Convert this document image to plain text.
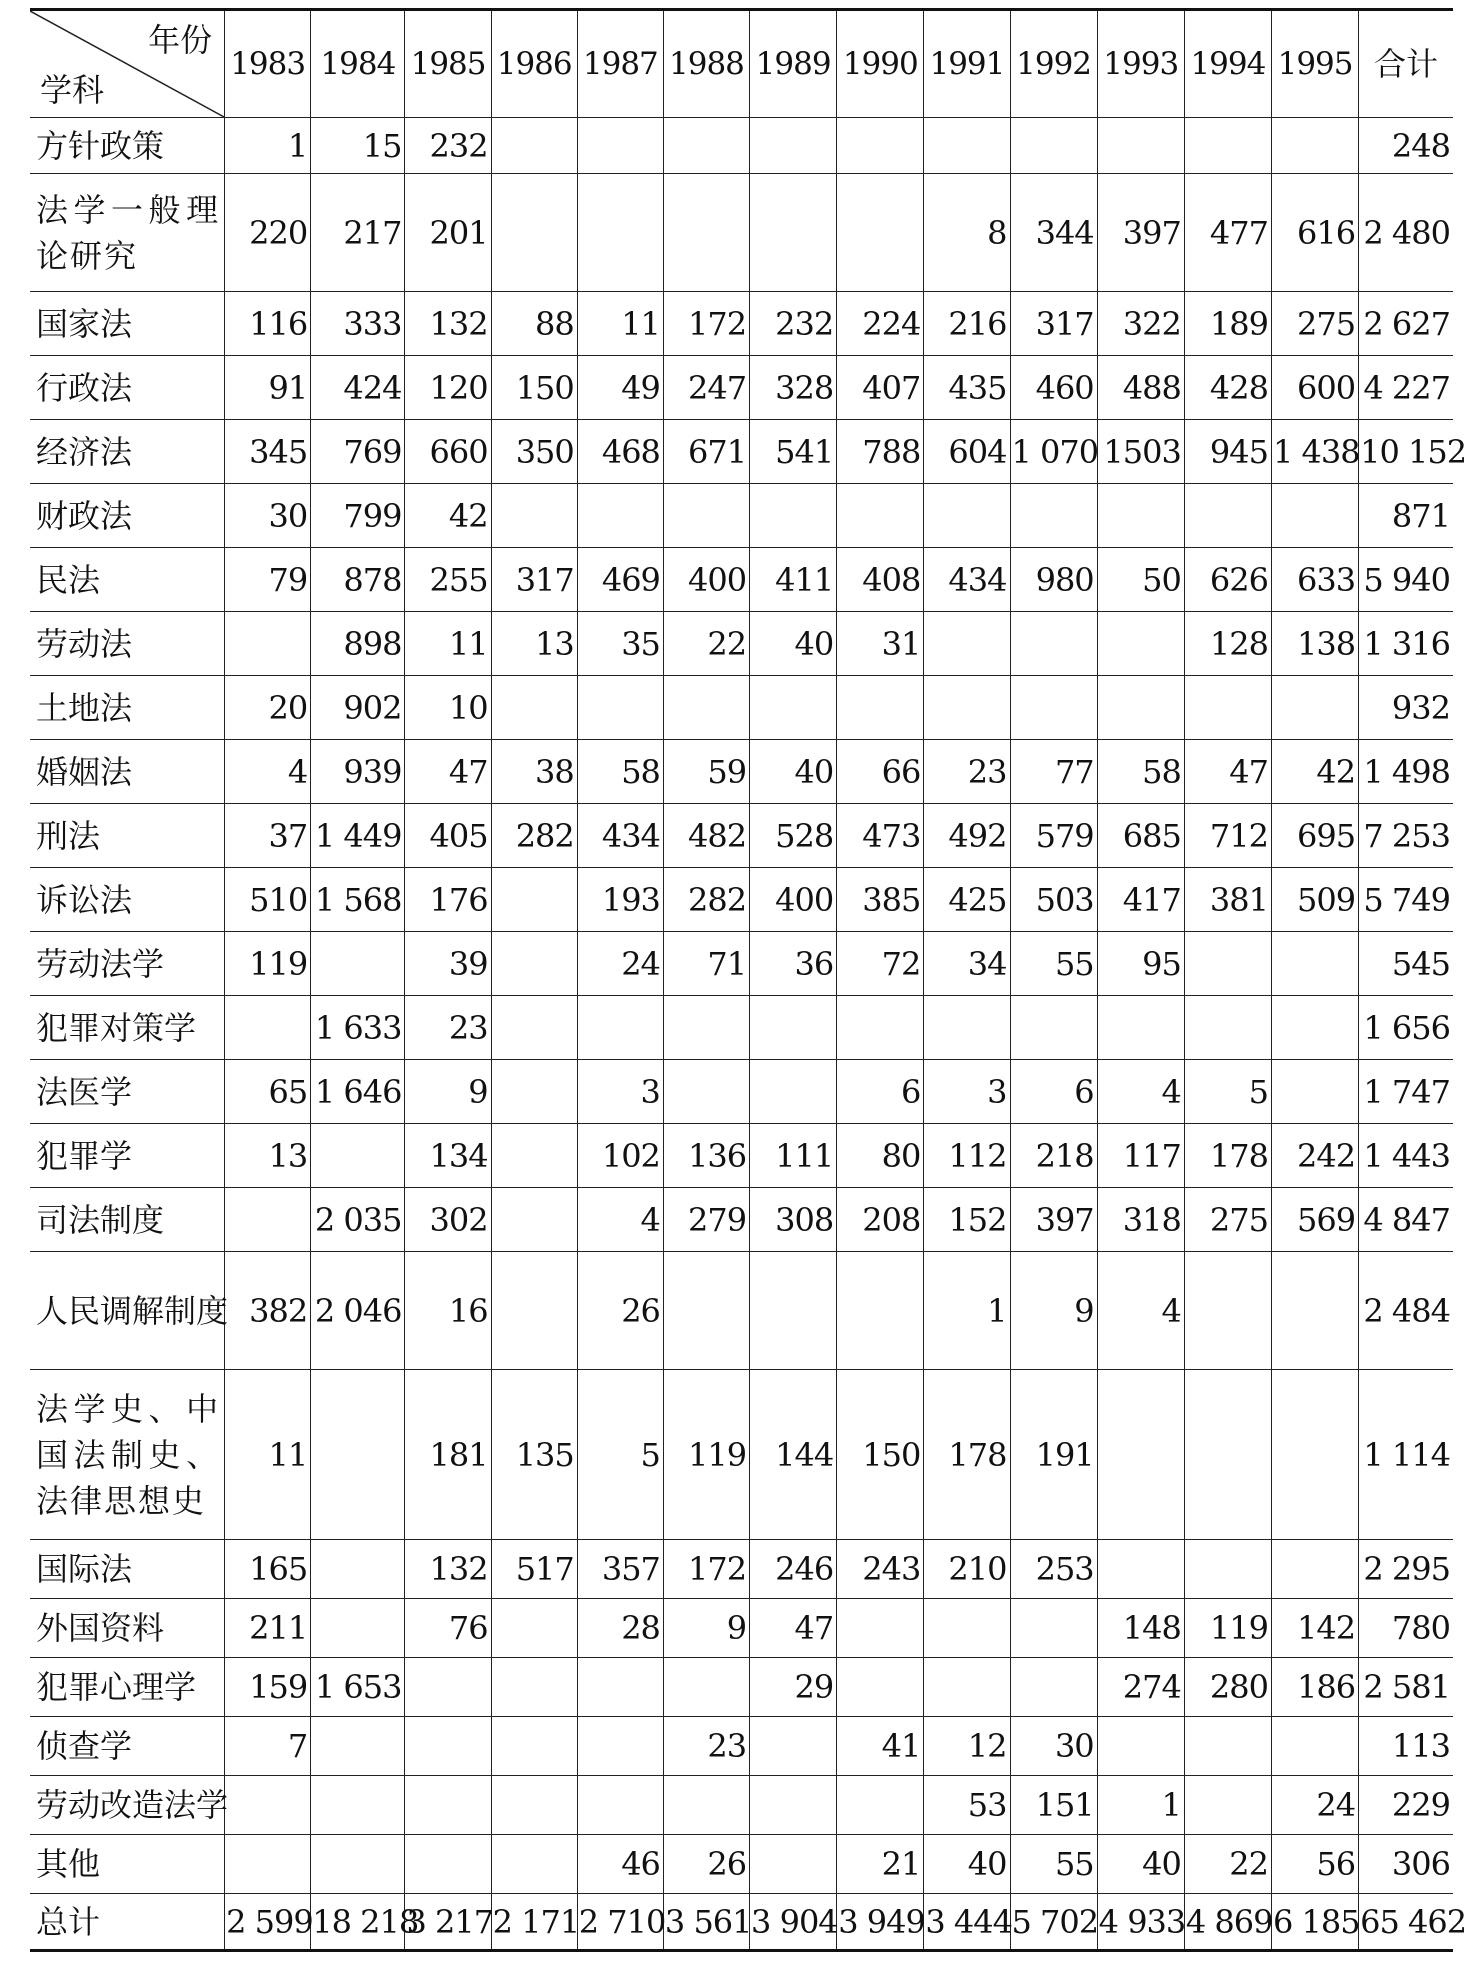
年份
学科	1983	1984	1985	1986	1987	1988	1989	1990	1991	1992	1993	1994	1995	合计
方针政策	1	15	232											248
法学一般理论研究	220	217	201						8	344	397	477	616	2 480
国家法	116	333	132	88	11	172	232	224	216	317	322	189	275	2 627
行政法	91	424	120	150	49	247	328	407	435	460	488	428	600	4 227
经济法	345	769	660	350	468	671	541	788	604	1 070	1503	945	1 438	10 152
财政法	30	799	42											871
民法	79	878	255	317	469	400	411	408	434	980	50	626	633	5 940
劳动法		898	11	13	35	22	40	31				128	138	1 316
土地法	20	902	10											932
婚姻法	4	939	47	38	58	59	40	66	23	77	58	47	42	1 498
刑法	37	1 449	405	282	434	482	528	473	492	579	685	712	695	7 253
诉讼法	510	1 568	176		193	282	400	385	425	503	417	381	509	5 749
劳动法学	119		39		24	71	36	72	34	55	95			545
犯罪对策学		1 633	23											1 656
法医学	65	1 646	9		3			6	3	6	4	5		1 747
犯罪学	13		134		102	136	111	80	112	218	117	178	242	1 443
司法制度		2 035	302		4	279	308	208	152	397	318	275	569	4 847
人民调解制度	382	2 046	16		26				1	9	4			2 484
法学史、中国法制史、法律思想史	11		181	135	5	119	144	150	178	191				1 114
国际法	165		132	517	357	172	246	243	210	253				2 295
外国资料	211		76		28	9	47				148	119	142	780
犯罪心理学	159	1 653					29				274	280	186	2 581
侦查学	7					23		41	12	30				113
劳动改造法学									53	151	1		24	229
其他					46	26		21	40	55	40	22	56	306
总计	2 599	18 218	3 217	2 171	2 710	3 561	3 904	3 949	3 444	5 702	4 933	4 869	6 185	65 462
